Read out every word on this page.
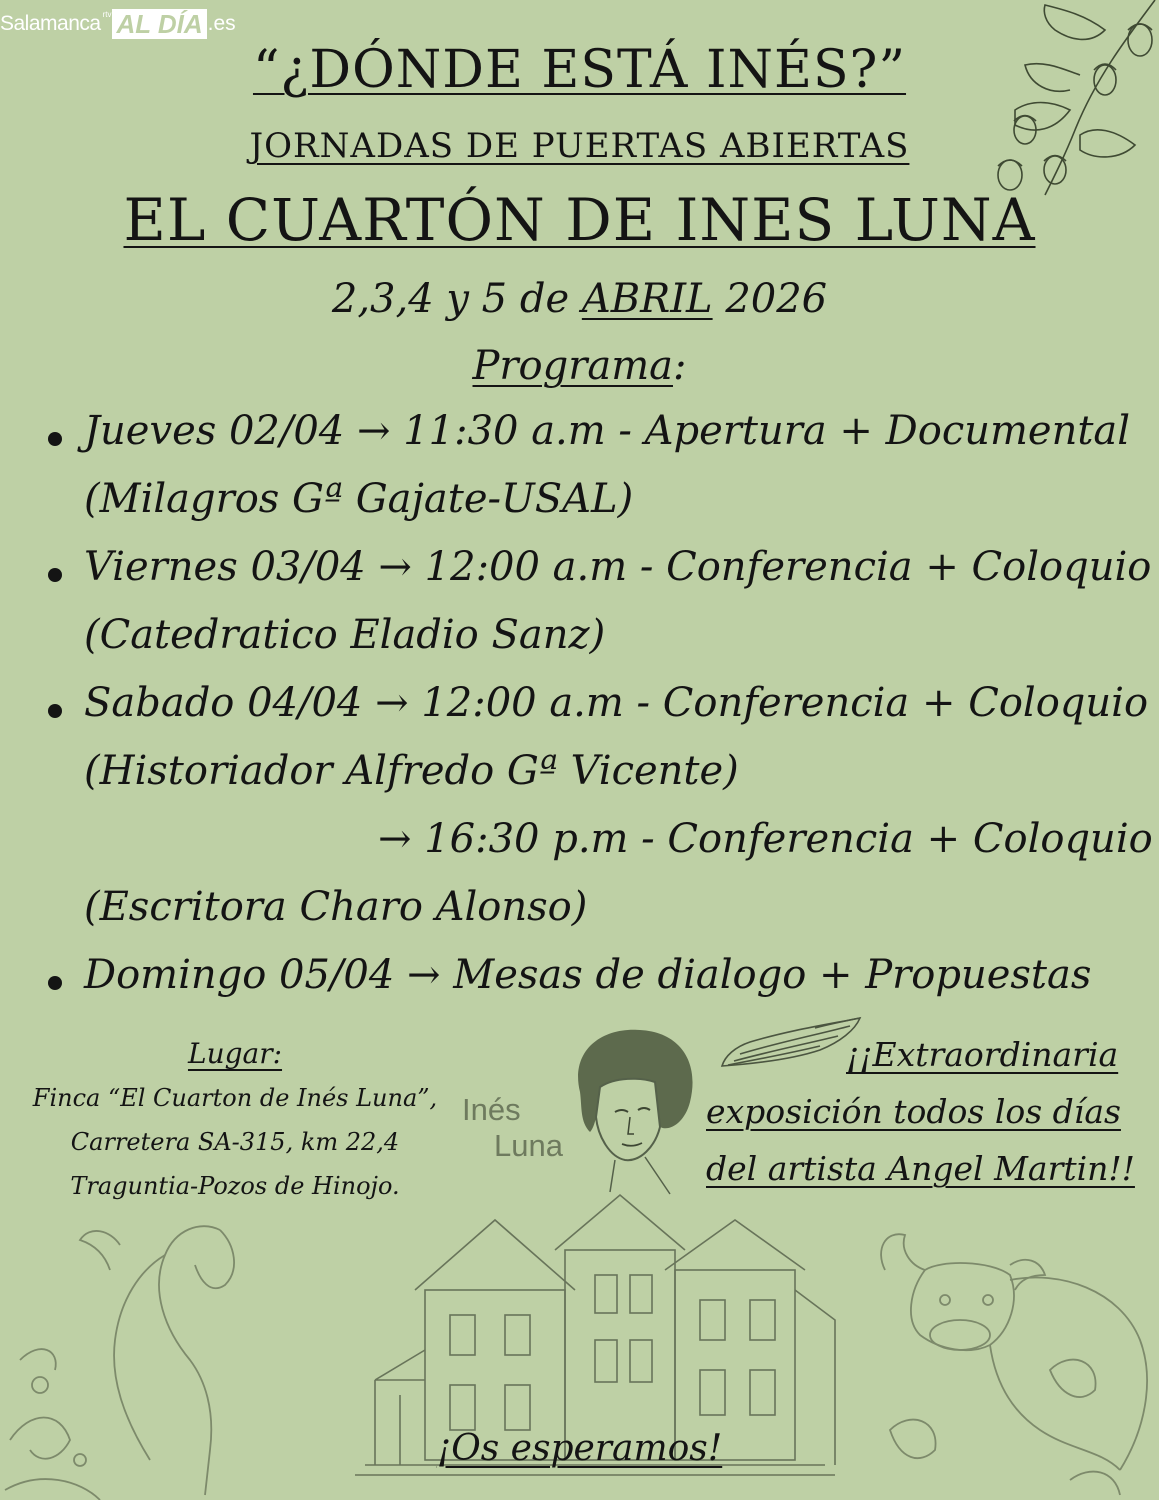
Salamanca rtv AL DÍA .es
“¿DÓNDE ESTÁ INÉS?”
JORNADAS DE PUERTAS ABIERTAS
EL CUARTÓN DE INES LUNA
2,3,4 y 5 de ABRIL 2026
Programa:
Jueves 02/04 → 11:30 a.m - Apertura + Documental
(Milagros Gª Gajate-USAL)
Viernes 03/04 → 12:00 a.m - Conferencia + Coloquio
(Catedratico Eladio Sanz)
Sabado 04/04 → 12:00 a.m - Conferencia + Coloquio
(Historiador Alfredo Gª Vicente)
→ 16:30 p.m - Conferencia + Coloquio
(Escritora Charo Alonso)
Domingo 05/04 → Mesas de dialogo + Propuestas
Lugar:
Finca “El Cuarton de Inés Luna”,
Carretera SA-315, km 22,4
Traguntia-Pozos de Hinojo.
Inés
Luna
¡¡Extraordinaria
exposición todos los días
del artista Angel Martin!!
¡Os esperamos!
